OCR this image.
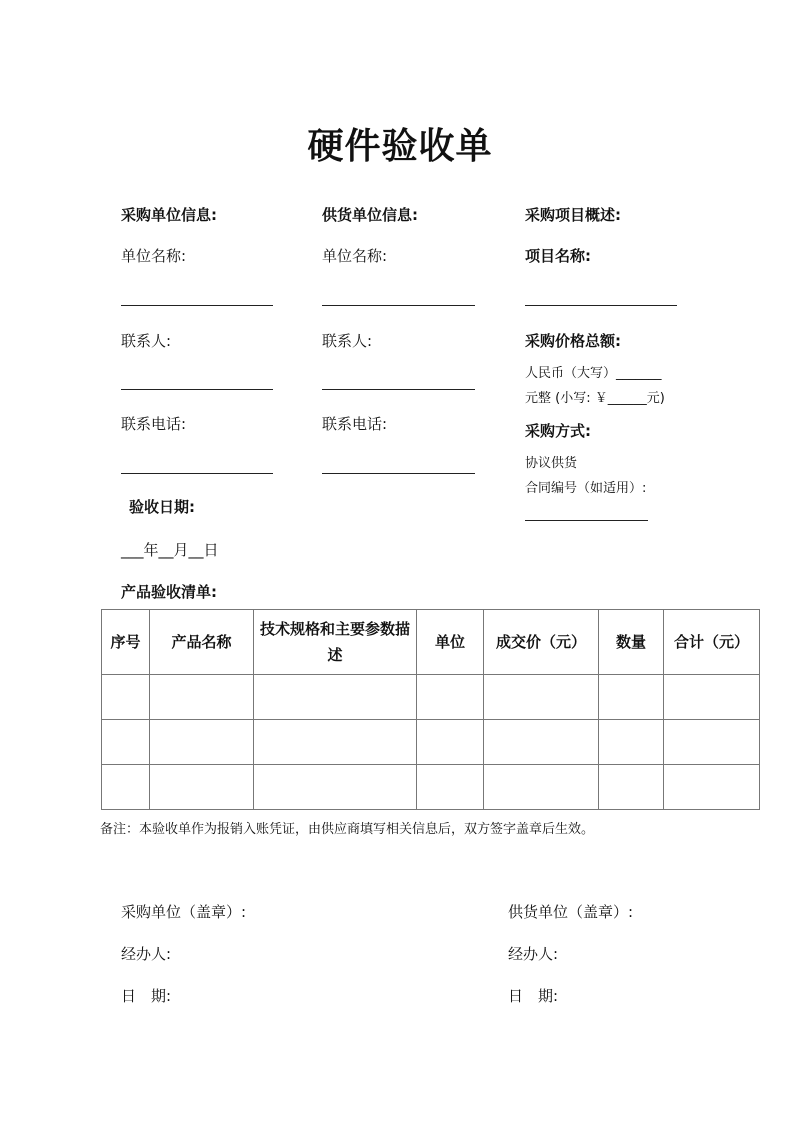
硬件验收单
采购单位信息:
单位名称:
联系人:
联系电话:
供货单位信息:
单位名称:
联系人:
联系电话:
采购项目概述:
项目名称:
采购价格总额:
人民币（大写）_______
元整 (小写: ￥______元)
采购方式:
协议供货
合同编号（如适用）:
验收日期:
___年__月__日
产品验收清单:
序号	产品名称	技术规格和主要参数描述	单位	成交价（元）	数量	合计（元）

备注：本验收单作为报销入账凭证，由供应商填写相关信息后，双方签字盖章后生效。
采购单位（盖章）:
经办人:
日　期:
供货单位（盖章）:
经办人:
日　期:
